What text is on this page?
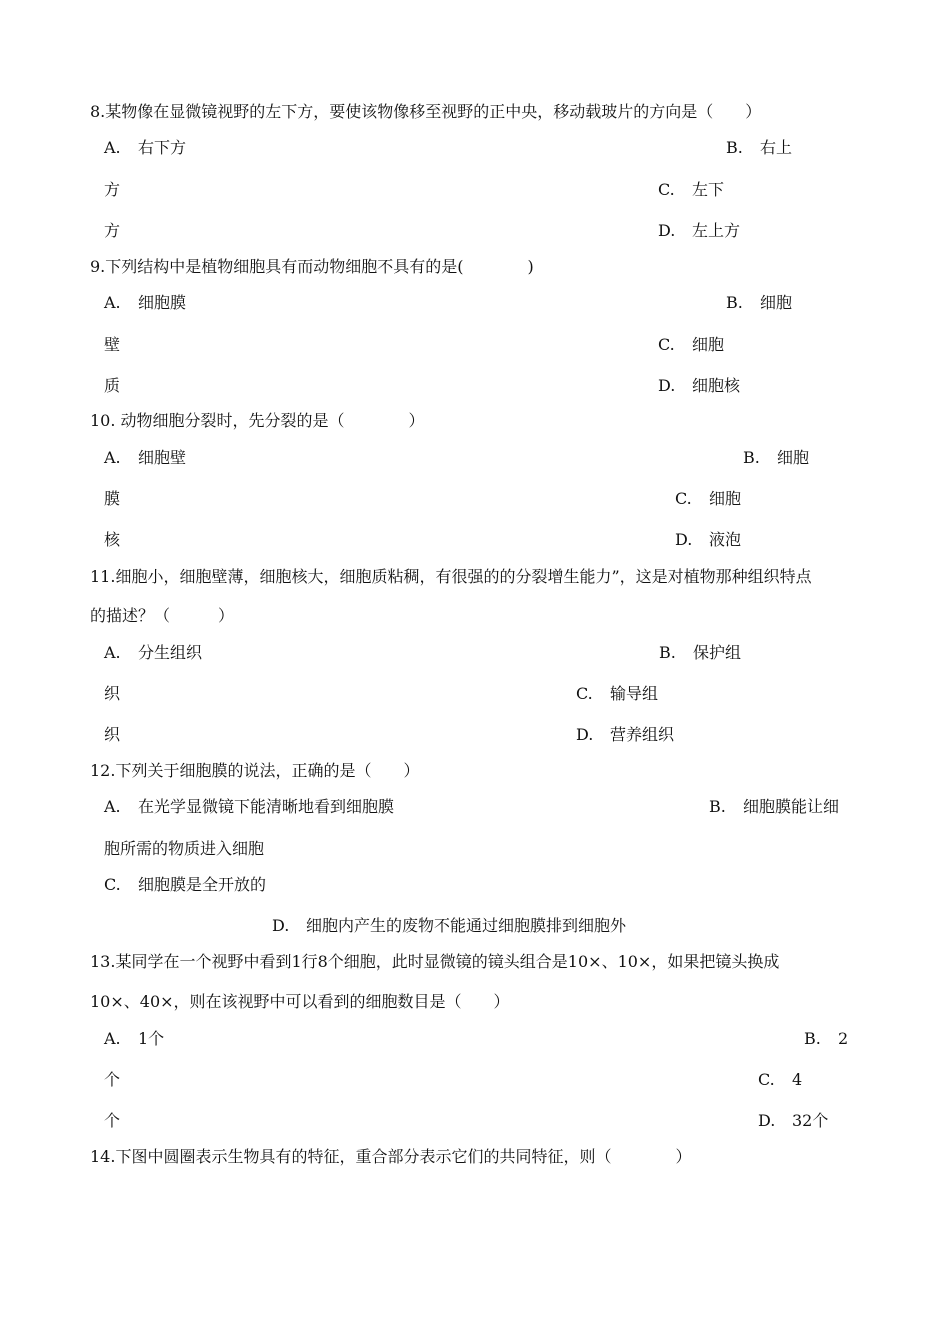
8.某物像在显微镜视野的左下方，要使该物像移至视野的正中央，移动载玻片的方向是（　　）
A. 右下方	B. 右上
方	C. 左下
方	D. 左上方
9.下列结构中是植物细胞具有而动物细胞不具有的是(　　　　)
A. 细胞膜	B. 细胞
壁	C. 细胞
质	D. 细胞核
10. 动物细胞分裂时，先分裂的是（　　　　）
A. 细胞壁	B. 细胞
膜	C. 细胞
核	D. 液泡
11.细胞小，细胞壁薄，细胞核大，细胞质粘稠，有很强的的分裂增生能力”，这是对植物那种组织特点
的描述？（　　　）
A. 分生组织	B. 保护组
织	C. 输导组
织	D. 营养组织
12.下列关于细胞膜的说法，正确的是（　　）
A. 在光学显微镜下能清晰地看到细胞膜	B. 细胞膜能让细
胞所需的物质进入细胞
C. 细胞膜是全开放的
D. 细胞内产生的废物不能通过细胞膜排到细胞外
13.某同学在一个视野中看到1行8个细胞，此时显微镜的镜头组合是10×、10×，如果把镜头换成
10×、40×，则在该视野中可以看到的细胞数目是（　　）
A. 1个	B. 2
个	C. 4
个	D. 32个
14.下图中圆圈表示生物具有的特征，重合部分表示它们的共同特征，则（　　　　）
